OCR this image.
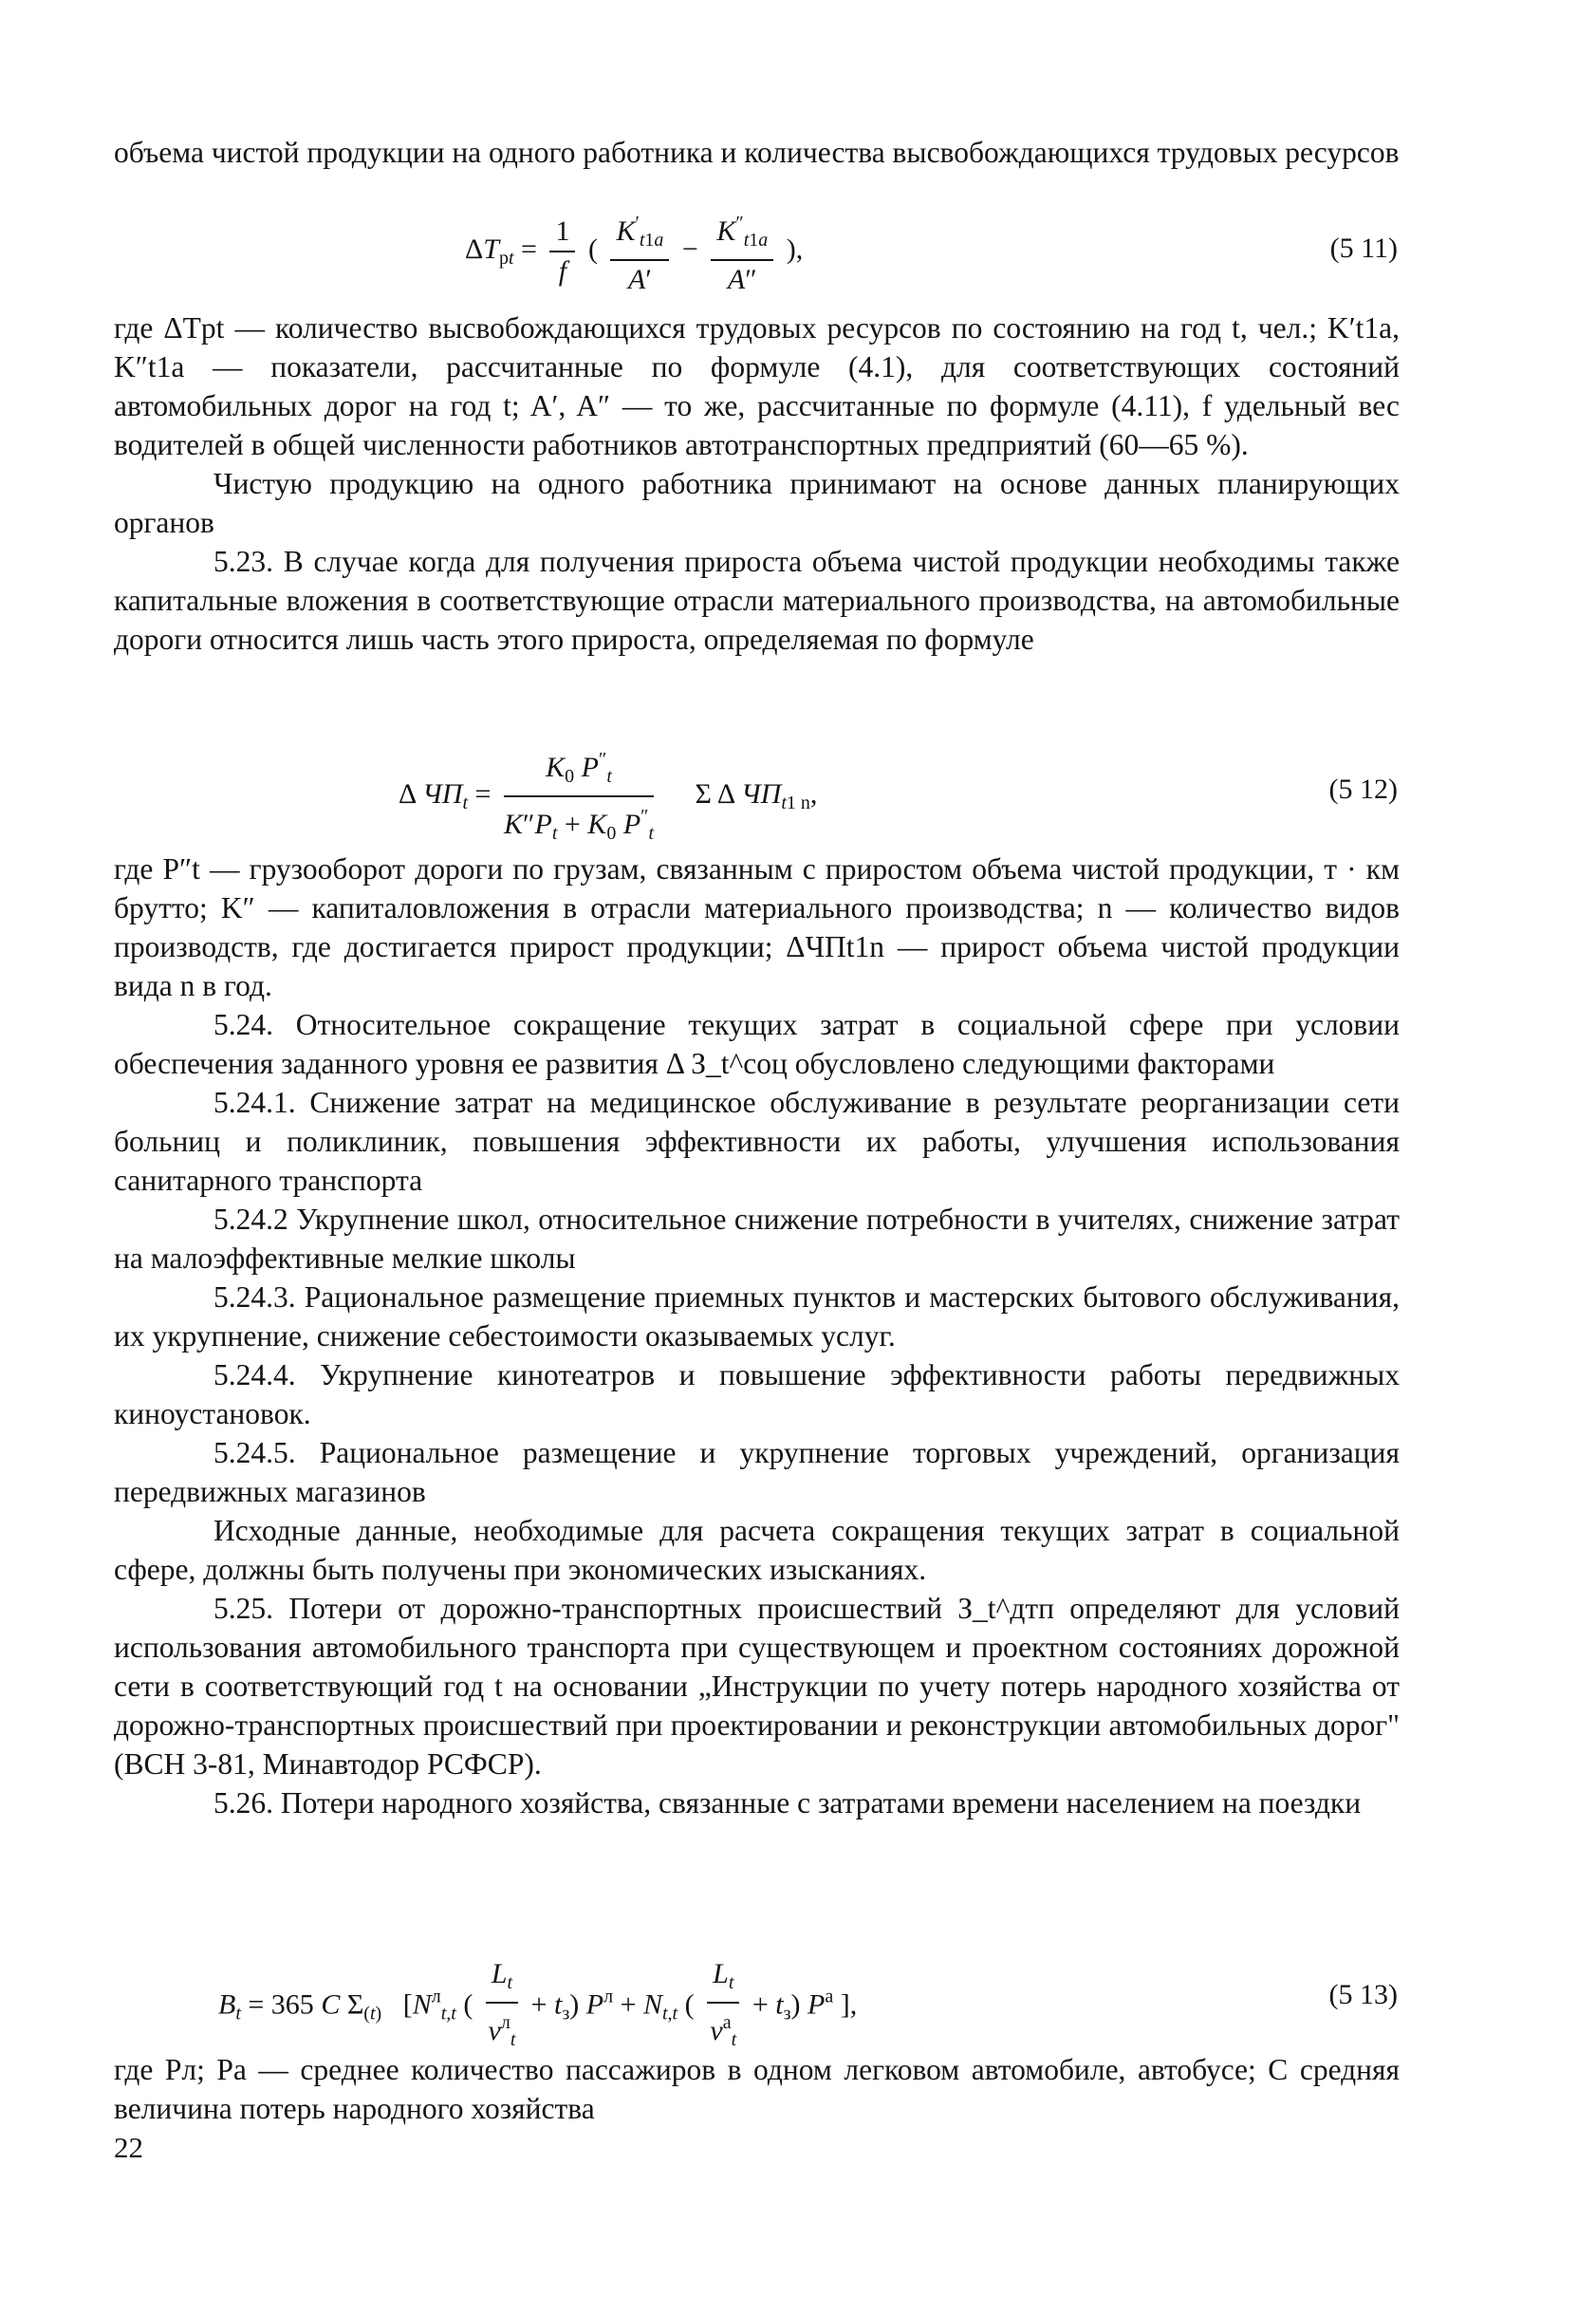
объема чистой продукции на одного работника и количества высвобождающихся трудовых ресурсов

$\Delta T_{pt} = \frac{1}{f}$ ( $\frac{K'_{t1a}}{A'} - \frac{K''_{t1a}}{A''}$ ),	(5 11)

где ΔTpt — количество высвобождающихся трудовых ресурсов по состоянию на год t, чел.; K′t1a, K″t1a — показатели, рассчитанные по формуле (4.1), для соответствующих состояний автомобильных дорог на год t; A′, A″ — то же, рассчитанные по формуле (4.11), f удельный вес водителей в общей численности работников автотранспортных предприятий (60—65 %).

Чистую продукцию на одного работника принимают на основе данных планирующих органов

5.23. В случае когда для получения прироста объема чистой продукции необходимы также капитальные вложения в соответствующие отрасли материального производства, на автомобильные дороги относится лишь часть этого прироста, определяемая по формуле

Δ $ЧП_t = \frac{K_0 P''_t}{K''P_t + K_0 P''_t}$ Σ Δ $ЧП_{t1 n}$,	(5 12)

где P″t — грузооборот дороги по грузам, связанным с приростом объема чистой продукции, т · км брутто; K″ — капиталовложения в отрасли материального производства; n — количество видов производств, где достигается прирост продукции; ΔЧПt1n — прирост объема чистой продукции вида n в год.

5.24. Относительное сокращение текущих затрат в социальной сфере при условии обеспечения заданного уровня ее развития Δ З_t^соц обусловлено следующими факторами

5.24.1. Снижение затрат на медицинское обслуживание в результате реорганизации сети больниц и поликлиник, повышения эффективности их работы, улучшения использования санитарного транспорта

5.24.2 Укрупнение школ, относительное снижение потребности в учителях, снижение затрат на малоэффективные мелкие школы

5.24.3. Рациональное размещение приемных пунктов и мастерских бытового обслуживания, их укрупнение, снижение себестоимости оказываемых услуг.

5.24.4. Укрупнение кинотеатров и повышение эффективности работы передвижных киноустановок.

5.24.5. Рациональное размещение и укрупнение торговых учреждений, организация передвижных магазинов

Исходные данные, необходимые для расчета сокращения текущих затрат в социальной сфере, должны быть получены при экономических изысканиях.

5.25. Потери от дорожно-транспортных происшествий З_t^дтп определяют для условий использования автомобильного транспорта при существующем и проектном состояниях дорожной сети в соответствующий год t на основании „Инструкции по учету потерь народного хозяйства от дорожно-транспортных происшествий при проектировании и реконструкции автомобильных дорог" (ВСН 3-81, Минавтодор РСФСР).

5.26. Потери народного хозяйства, связанные с затратами времени населением на поездки

$B_t = 365$ C $\Sigma_{(t)}$   [$N^л_{t,t}$ ( $\frac{L_t}{v^л_t} + t_з$) $P^л + N_{t,t}$ ( $\frac{L_t}{v^а_t} + t_з$) $P^а$ ],	(5 13)

где Pл; Pа — среднее количество пассажиров в одном легковом автомобиле, автобусе; C средняя величина потерь народного хозяйства

22
